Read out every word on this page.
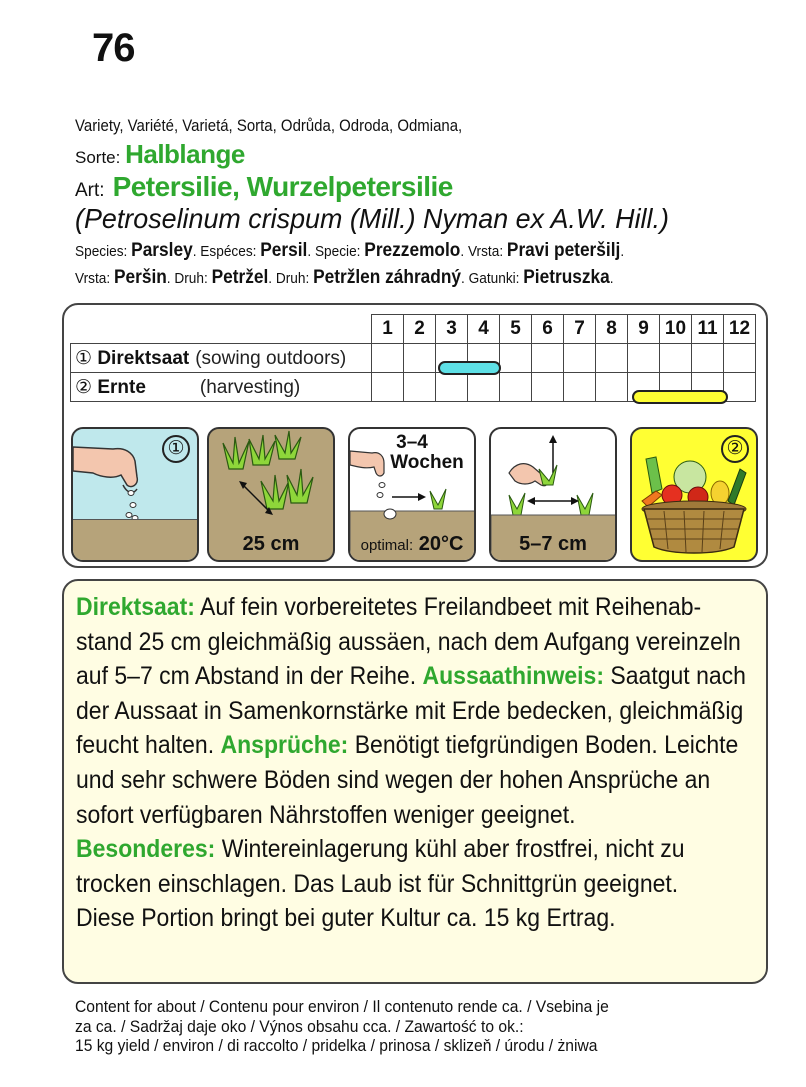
76
Variety, Variété, Varietá, Sorta, Odrůda, Odroda, Odmiana,
Sorte: Halblange
Art: Petersilie, Wurzelpetersilie
(Petroselinum crispum (Mill.) Nyman ex A.W. Hill.)
Species: Parsley. Espéces: Persil. Specie: Prezzemolo. Vrsta: Pravi peteršilj.
Vrsta: Peršin. Druh: Petržel. Druh: Petržlen záhradný. Gatunki: Pietruszka.
	1	2	3	4	5	6	7	8	9	10	11	12
① Direktsaat (sowing outdoors)												
② Ernte (harvesting)												
①
25 cm
3–4
Wochen
optimal: 20°C	5–7 cm
②
Direktsaat: Auf fein vorbereitetes Freilandbeet mit Reihenab-
stand 25 cm gleichmäßig aussäen, nach dem Aufgang vereinzeln
auf 5–7 cm Abstand in der Reihe. Aussaathinweis: Saatgut nach
der Aussaat in Samenkornstärke mit Erde bedecken, gleichmäßig
feucht halten. Ansprüche: Benötigt tiefgründigen Boden. Leichte
und sehr schwere Böden sind wegen der hohen Ansprüche an
sofort verfügbaren Nährstoffen weniger geeignet.
Besonderes: Wintereinlagerung kühl aber frostfrei, nicht zu
trocken einschlagen. Das Laub ist für Schnittgrün geeignet.
Diese Portion bringt bei guter Kultur ca. 15 kg Ertrag.
Content for about / Contenu pour environ / Il contenuto rende ca. / Vsebina je
za ca. / Sadržaj daje oko / Výnos obsahu cca. / Zawartość to ok.:
15 kg yield / environ / di raccolto / pridelka / prinosa / sklizeň / úrodu / żniwa
